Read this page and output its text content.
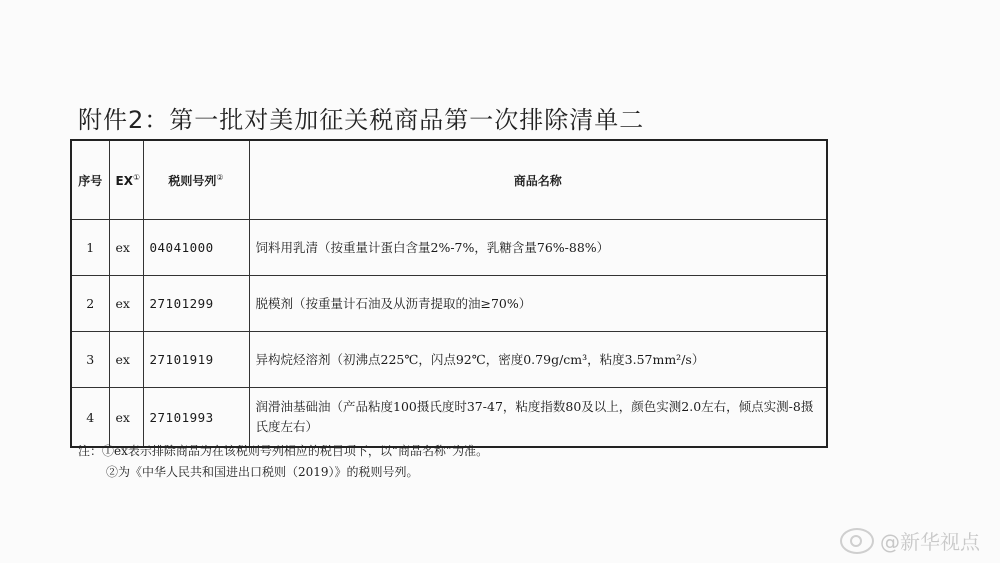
附件2：第一批对美加征关税商品第一次排除清单二
序号	EX①	税则号列②	商品名称
1	ex	04041000	饲料用乳清（按重量计蛋白含量2%-7%，乳糖含量76%-88%）
2	ex	27101299	脱模剂（按重量计石油及从沥青提取的油≥70%）
3	ex	27101919	异构烷烃溶剂（初沸点225℃，闪点92℃，密度0.79g/cm³，粘度3.57mm²/s）
4	ex	27101993	润滑油基础油（产品粘度100摄氏度时37-47，粘度指数80及以上，颜色实测2.0左右，倾点实测-8摄氏度左右）
注：①ex表示排除商品为在该税则号列相应的税目项下，以“商品名称”为准。
②为《中华人民共和国进出口税则（2019）》的税则号列。
@新华视点
